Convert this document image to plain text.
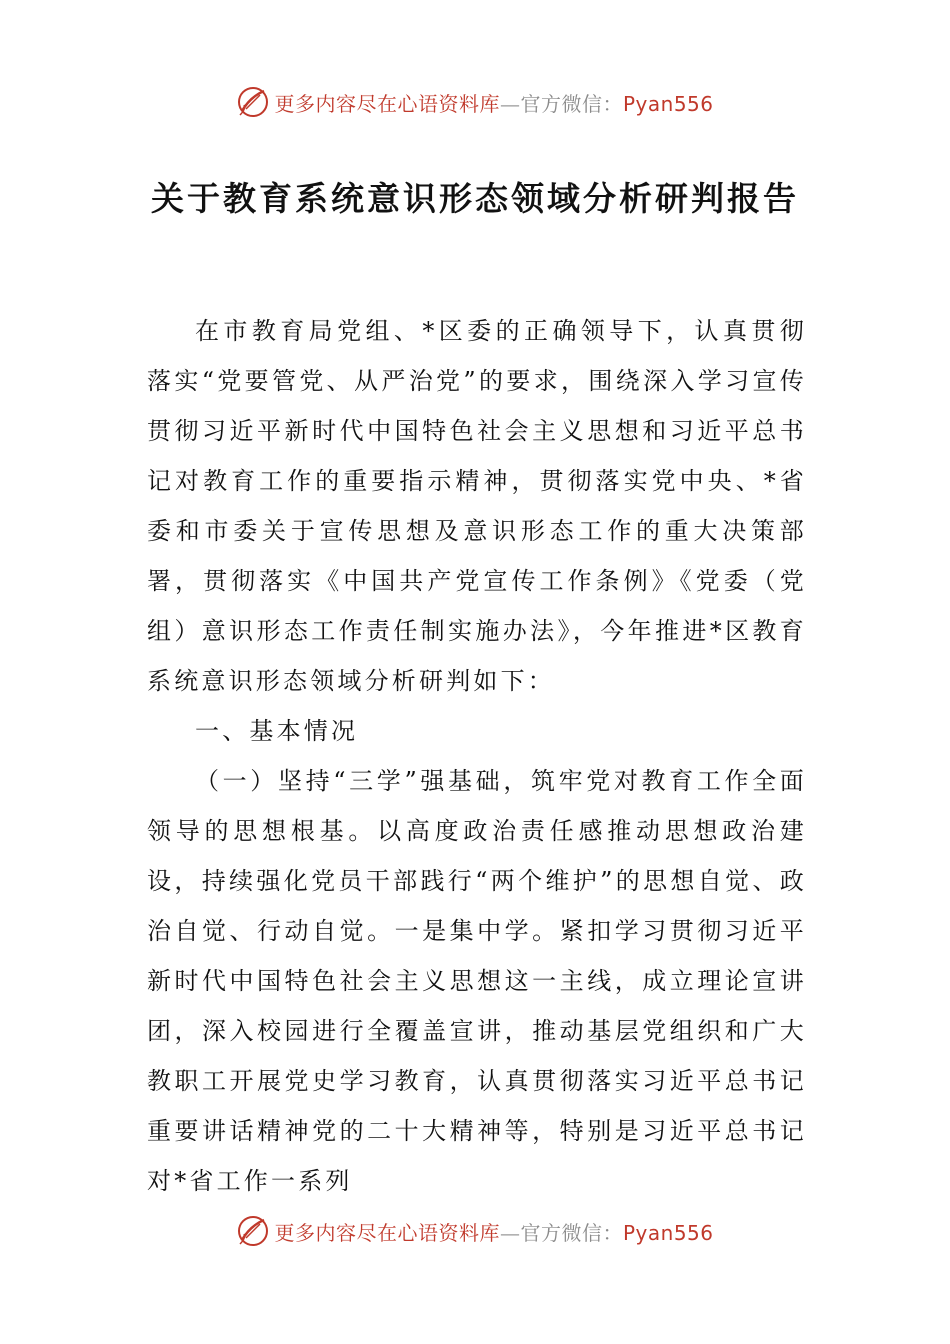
更多内容尽在心语资料库—官方微信：Pyan556
关于教育系统意识形态领域分析研判报告

在市教育局党组、*区委的正确领导下，认真贯彻落实“党要管党、从严治党”的要求，围绕深入学习宣传贯彻习近平新时代中国特色社会主义思想和习近平总书记对教育工作的重要指示精神，贯彻落实党中央、*省委和市委关于宣传思想及意识形态工作的重大决策部署，贯彻落实《中国共产党宣传工作条例》《党委（党组）意识形态工作责任制实施办法》，今年推进*区教育系统意识形态领域分析研判如下：

一、基本情况

（一）坚持“三学”强基础，筑牢党对教育工作全面领导的思想根基。以高度政治责任感推动思想政治建设，持续强化党员干部践行“两个维护”的思想自觉、政治自觉、行动自觉。一是集中学。紧扣学习贯彻习近平新时代中国特色社会主义思想这一主线，成立理论宣讲团，深入校园进行全覆盖宣讲，推动基层党组织和广大教职工开展党史学习教育，认真贯彻落实习近平总书记重要讲话精神党的二十大精神等，特别是习近平总书记对*省工作一系列

更多内容尽在心语资料库—官方微信：Pyan556
